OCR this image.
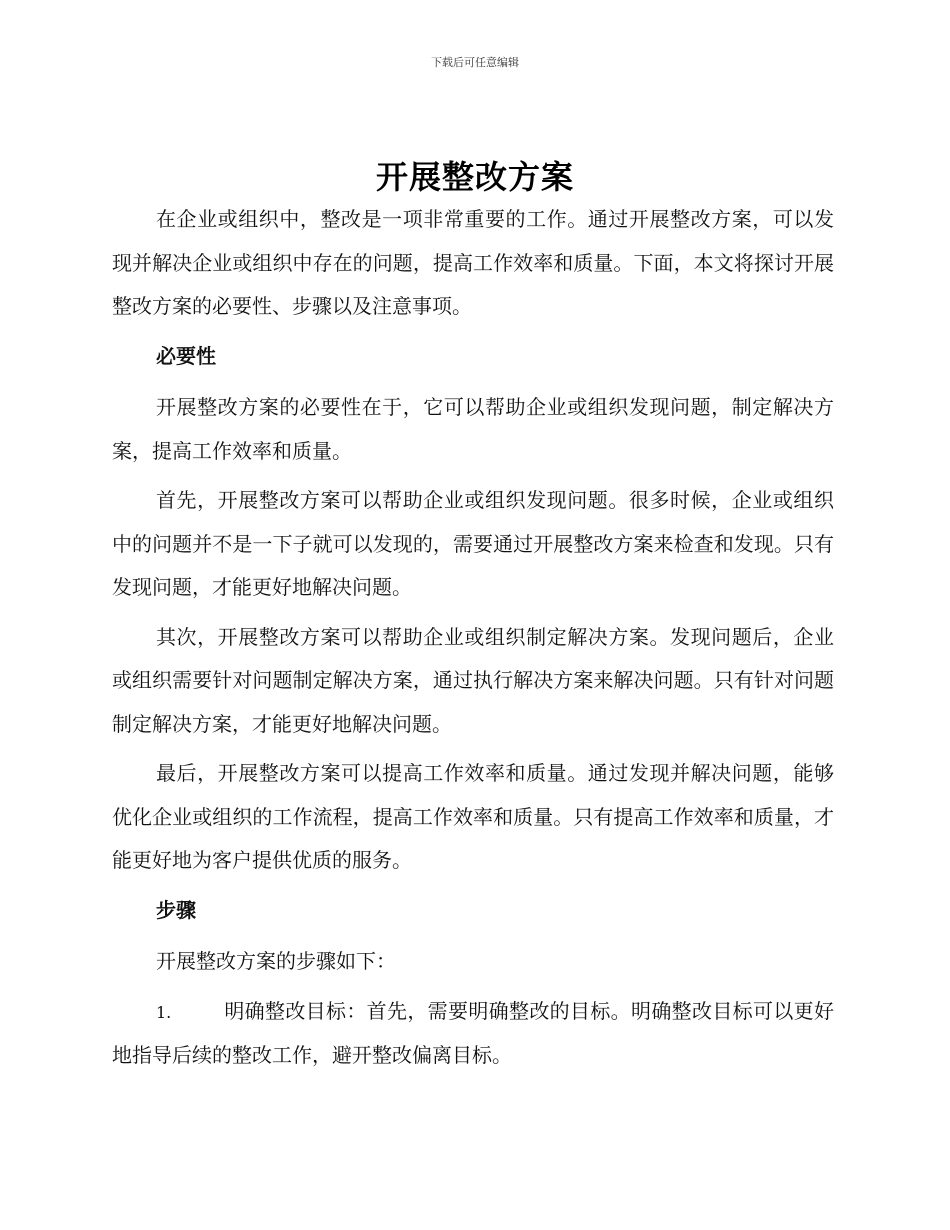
下载后可任意编辑
开展整改方案

在企业或组织中，整改是一项非常重要的工作。通过开展整改方案，可以发现并解决企业或组织中存在的问题，提高工作效率和质量。下面，本文将探讨开展整改方案的必要性、步骤以及注意事项。

必要性

开展整改方案的必要性在于，它可以帮助企业或组织发现问题，制定解决方案，提高工作效率和质量。

首先，开展整改方案可以帮助企业或组织发现问题。很多时候，企业或组织中的问题并不是一下子就可以发现的，需要通过开展整改方案来检查和发现。只有发现问题，才能更好地解决问题。

其次，开展整改方案可以帮助企业或组织制定解决方案。发现问题后，企业或组织需要针对问题制定解决方案，通过执行解决方案来解决问题。只有针对问题制定解决方案，才能更好地解决问题。

最后，开展整改方案可以提高工作效率和质量。通过发现并解决问题，能够优化企业或组织的工作流程，提高工作效率和质量。只有提高工作效率和质量，才能更好地为客户提供优质的服务。

步骤

开展整改方案的步骤如下：

1.	明确整改目标：首先，需要明确整改的目标。明确整改目标可以更好地指导后续的整改工作，避开整改偏离目标。
